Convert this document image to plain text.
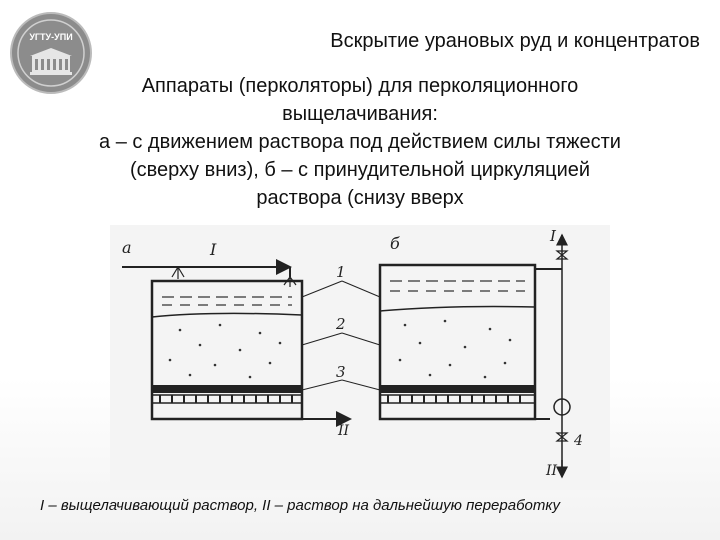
УГТУ-УПИ	Вскрытие урановых руд и концентратов
Аппараты (перколяторы) для перколяционного
выщелачивания:
а – с движением раствора под действием силы тяжести
(сверху вниз), б – с принудительной циркуляцией
раствора (снизу вверх
а	I
II
1
2
3
б	I
4
II
I – выщелачивающий раствор, II – раствор на дальнейшую переработку
